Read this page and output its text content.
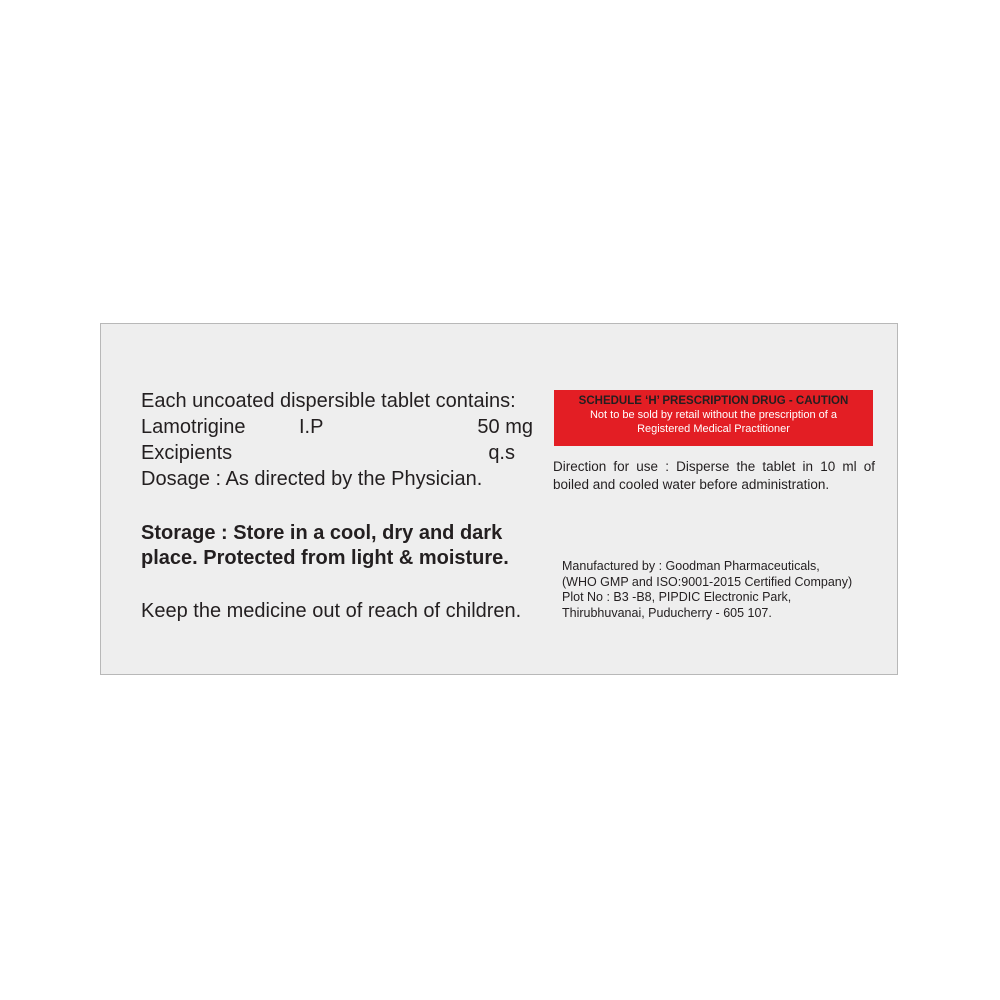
Each uncoated dispersible tablet contains:
Lamotrigine	I.P	50 mg
Excipients	q.s
Dosage : As directed by the Physician.
Storage : Store in a cool, dry and dark
place. Protected from light & moisture.
Keep the medicine out of reach of children.
SCHEDULE ‘H’ PRESCRIPTION DRUG - CAUTION
Not to be sold by retail without the prescription of a Registered Medical Practitioner
Direction for use : Disperse the tablet in 10 ml of boiled and cooled water before administration.
Manufactured by : Goodman Pharmaceuticals,
(WHO GMP and ISO:9001-2015 Certified Company)
Plot No : B3 -B8, PIPDIC Electronic Park,
Thirubhuvanai, Puducherry - 605 107.
